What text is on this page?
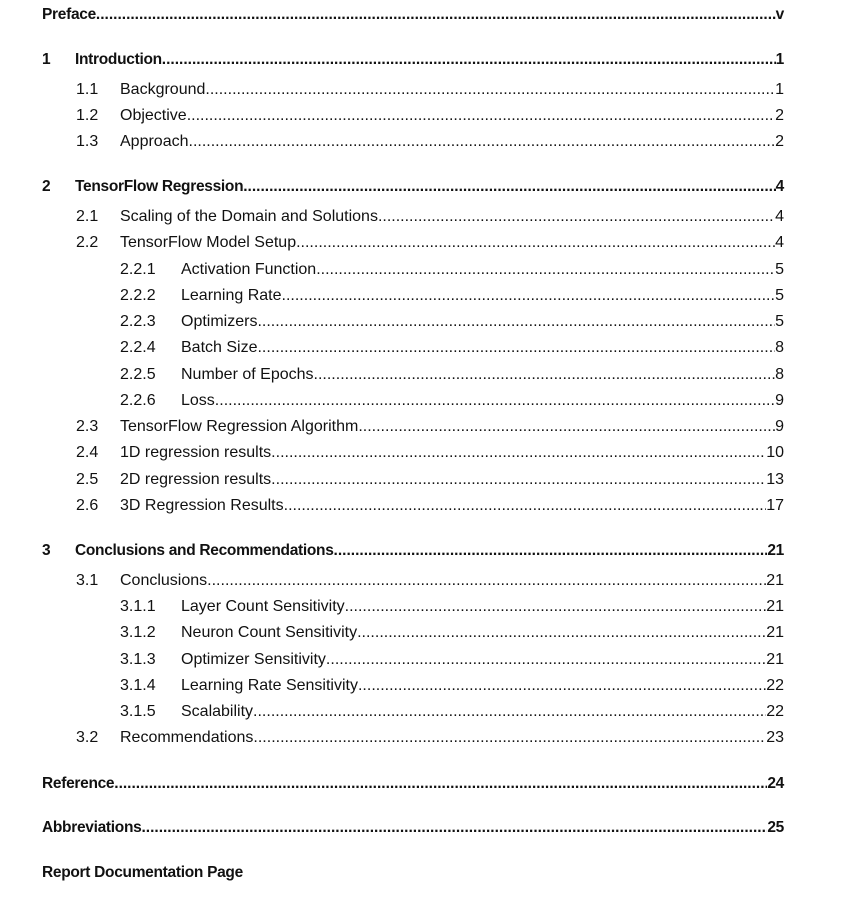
Preface .....	v
1 Introduction .....	1
1.1 Background .....	1
1.2 Objective .....	2
1.3 Approach .....	2
2 TensorFlow Regression .....	4
2.1 Scaling of the Domain and Solutions .....	4
2.2 TensorFlow Model Setup .....	4
2.2.1 Activation Function .....	5
2.2.2 Learning Rate .....	5
2.2.3 Optimizers .....	5
2.2.4 Batch Size .....	8
2.2.5 Number of Epochs .....	8
2.2.6 Loss .....	9
2.3 TensorFlow Regression Algorithm .....	9
2.4 1D regression results .....	10
2.5 2D regression results .....	13
2.6 3D Regression Results .....	17
3 Conclusions and Recommendations .....	21
3.1 Conclusions .....	21
3.1.1 Layer Count Sensitivity .....	21
3.1.2 Neuron Count Sensitivity .....	21
3.1.3 Optimizer Sensitivity .....	21
3.1.4 Learning Rate Sensitivity .....	22
3.1.5 Scalability .....	22
3.2 Recommendations .....	23
Reference .....	24
Abbreviations .....	25
Report Documentation Page
